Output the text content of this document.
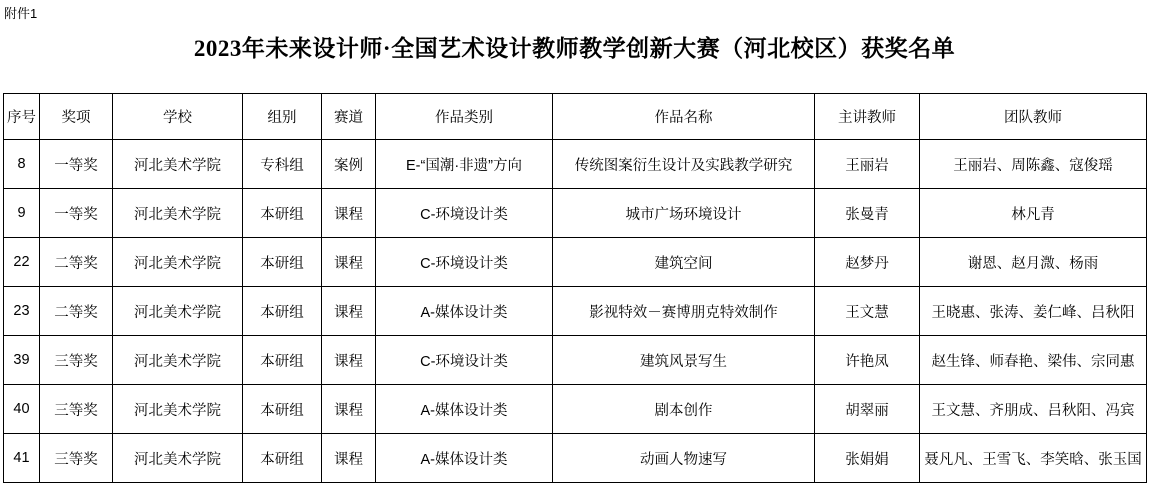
附件1
2023年未来设计师·全国艺术设计教师教学创新大赛（河北校区）获奖名单
序号	奖项	学校	组别	赛道	作品类别	作品名称	主讲教师	团队教师
8	一等奖	河北美术学院	专科组	案例	E-“国潮·非遗”方向	传统图案衍生设计及实践教学研究	王丽岩	王丽岩、周陈鑫、寇俊瑶
9	一等奖	河北美术学院	本研组	课程	C-环境设计类	城市广场环境设计	张曼青	林凡青
22	二等奖	河北美术学院	本研组	课程	C-环境设计类	建筑空间	赵梦丹	谢恩、赵月溦、杨雨
23	二等奖	河北美术学院	本研组	课程	A-媒体设计类	影视特效－赛博朋克特效制作	王文慧	王晓惠、张涛、姜仁峰、吕秋阳
39	三等奖	河北美术学院	本研组	课程	C-环境设计类	建筑风景写生	许艳凤	赵生锋、师春艳、梁伟、宗同惠
40	三等奖	河北美术学院	本研组	课程	A-媒体设计类	剧本创作	胡翠丽	王文慧、齐朋成、吕秋阳、冯宾
41	三等奖	河北美术学院	本研组	课程	A-媒体设计类	动画人物速写	张娟娟	聂凡凡、王雪飞、李笑晗、张玉国
